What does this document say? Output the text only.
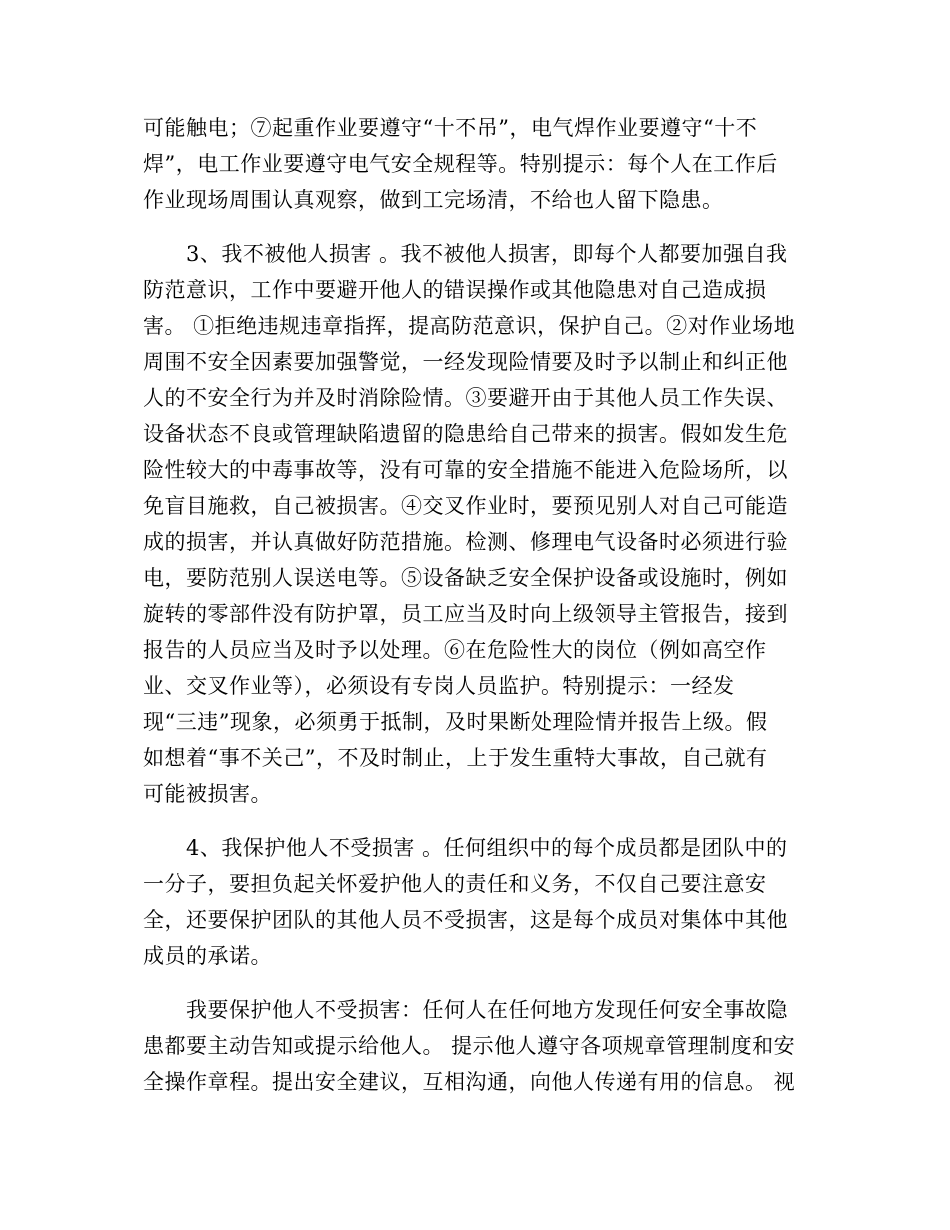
可能触电；⑦起重作业要遵守“十不吊”，电气焊作业要遵守“十不
焊”，电工作业要遵守电气安全规程等。特别提示：每个人在工作后
作业现场周围认真观察，做到工完场清，不给也人留下隐患。
3、我不被他人损害 。我不被他人损害，即每个人都要加强自我
防范意识，工作中要避开他人的错误操作或其他隐患对自己造成损
害。 ①拒绝违规违章指挥，提高防范意识，保护自己。②对作业场地
周围不安全因素要加强警觉，一经发现险情要及时予以制止和纠正他
人的不安全行为并及时消除险情。③要避开由于其他人员工作失误、
设备状态不良或管理缺陷遗留的隐患给自己带来的损害。假如发生危
险性较大的中毒事故等，没有可靠的安全措施不能进入危险场所，以
免盲目施救，自己被损害。④交叉作业时，要预见别人对自己可能造
成的损害，并认真做好防范措施。检测、修理电气设备时必须进行验
电，要防范别人误送电等。⑤设备缺乏安全保护设备或设施时，例如
旋转的零部件没有防护罩，员工应当及时向上级领导主管报告，接到
报告的人员应当及时予以处理。⑥在危险性大的岗位（例如高空作
业、交叉作业等），必须设有专岗人员监护。特别提示：一经发
现“三违”现象，必须勇于抵制，及时果断处理险情并报告上级。假
如想着“事不关己”，不及时制止，上于发生重特大事故，自己就有
可能被损害。
4、我保护他人不受损害 。任何组织中的每个成员都是团队中的
一分子，要担负起关怀爱护他人的责任和义务，不仅自己要注意安
全，还要保护团队的其他人员不受损害，这是每个成员对集体中其他
成员的承诺。
我要保护他人不受损害：任何人在任何地方发现任何安全事故隐
患都要主动告知或提示给他人。 提示他人遵守各项规章管理制度和安
全操作章程。提出安全建议，互相沟通，向他人传递有用的信息。 视
